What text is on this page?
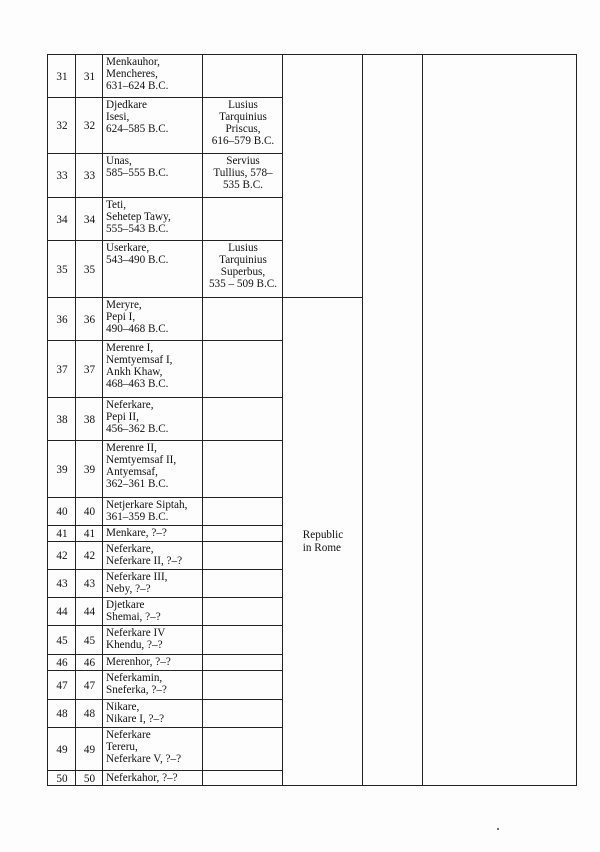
31	31	Menkauhor,
Mencheres,
631–624 B.C.				
32	32	Djedkare
Isesi,
624–585 B.C.	Lusius
Tarquinius
Priscus,
616–579 B.C.			
33	33	Unas,
585–555 B.C.	Servius
Tullius, 578–
535 B.C.			
34	34	Teti,
Sehetep Tawy,
555–543 B.C.				
35	35	Userkare,
543–490 B.C.	Lusius
Tarquinius
Superbus,
535 – 509 B.C.			
36	36	Meryre,
Pepi I,
490–468 B.C.		Republic
in Rome		
37	37	Merenre I,
Nemtyemsaf I,
Ankh Khaw,
468–463 B.C.				
38	38	Neferkare,
Pepi II,
456–362 B.C.				
39	39	Merenre II,
Nemtyemsaf II,
Antyemsaf,
362–361 B.C.				
40	40	Netjerkare Siptah,
361–359 B.C.				
41	41	Menkare, ?–?				
42	42	Neferkare,
Neferkare II, ?–?				
43	43	Neferkare III,
Neby, ?–?				
44	44	Djetkare
Shemai, ?–?				
45	45	Neferkare IV
Khendu, ?–?				
46	46	Merenhor, ?–?				
47	47	Neferkamin,
Sneferka, ?–?				
48	48	Nikare,
Nikare I, ?–?				
49	49	Neferkare
Tereru,
Neferkare V, ?–?				
50	50	Neferkahor, ?–?				
